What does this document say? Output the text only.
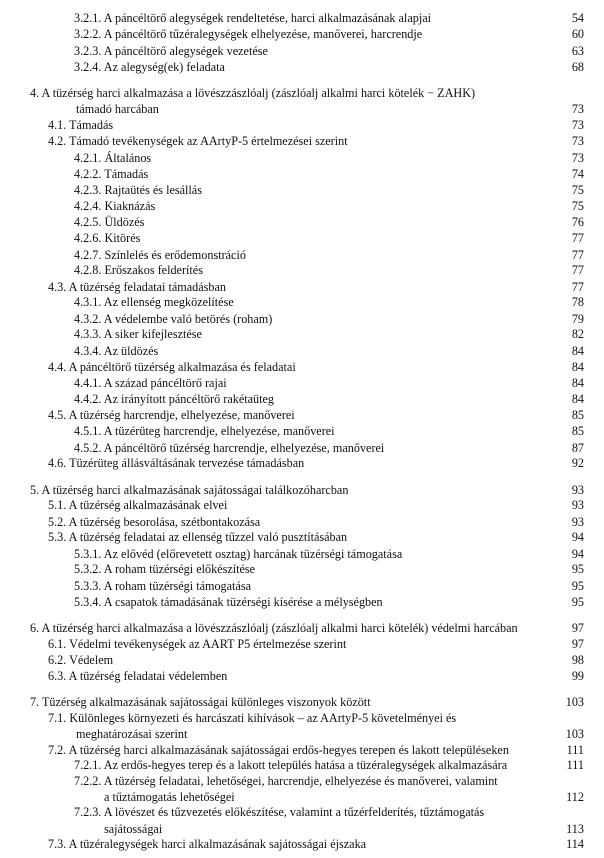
3.2.1. A páncéltörő alegységek rendeltetése, harci alkalmazásának alapjai	54
3.2.2. A páncéltörő tűzéralegységek elhelyezése, manőverei, harcrendje	60
3.2.3. A páncéltörő alegységek vezetése	63
3.2.4. Az alegység(ek) feladata	68
4. A tüzérség harci alkalmazása a lövészzászlóalj (zászlóalj alkalmi harci kötelék − ZAHK)
támadó harcában	73
4.1. Támadás	73
4.2. Támadó tevékenységek az AArtyP-5 értelmezései szerint	73
4.2.1. Általános	73
4.2.2. Támadás	74
4.2.3. Rajtaütés és lesállás	75
4.2.4. Kiaknázás	75
4.2.5. Üldözés	76
4.2.6. Kitörés	77
4.2.7. Színlelés és erődemonstráció	77
4.2.8. Erőszakos felderítés	77
4.3. A tüzérség feladatai támadásban	77
4.3.1. Az ellenség megközelítése	78
4.3.2. A védelembe való betörés (roham)	79
4.3.3. A siker kifejlesztése	82
4.3.4. Az üldözés	84
4.4. A páncéltörő tüzérség alkalmazása és feladatai	84
4.4.1. A század páncéltörő rajai	84
4.4.2. Az irányított páncéltörő rakétaüteg	84
4.5. A tüzérség harcrendje, elhelyezése, manőverei	85
4.5.1. A tüzérüteg harcrendje, elhelyezése, manőverei	85
4.5.2. A páncéltörő tüzérség harcrendje, elhelyezése, manőverei	87
4.6. Tüzérüteg állásváltásának tervezése támadásban	92
5. A tüzérség harci alkalmazásának sajátosságai találkozóharcban	93
5.1. A tüzérség alkalmazásának elvei	93
5.2. A tüzérség besorolása, szétbontakozása	93
5.3. A tüzérség feladatai az ellenség tűzzel való pusztításában	94
5.3.1. Az elővéd (előrevetett osztag) harcának tüzérségi támogatása	94
5.3.2. A roham tüzérségi előkészítése	95
5.3.3. A roham tüzérségi támogatása	95
5.3.4. A csapatok támadásának tüzérségi kísérése a mélységben	95
6. A tüzérség harci alkalmazása a lövészzászlóalj (zászlóalj alkalmi harci kötelék) védelmi harcában	97
6.1. Védelmi tevékenységek az AART P5 értelmezése szerint	97
6.2. Védelem	98
6.3. A tüzérség feladatai védelemben	99
7. Tüzérség alkalmazásának sajátosságai különleges viszonyok között	103
7.1. Különleges környezeti és harcászati kihívások – az AArtyP-5 követelményei és
meghatározásai szerint	103
7.2. A tüzérség harci alkalmazásának sajátosságai erdős-hegyes terepen és lakott településeken	111
7.2.1. Az erdős-hegyes terep és a lakott település hatása a tüzéralegységek alkalmazására	111
7.2.2. A tüzérség feladatai, lehetőségei, harcrendje, elhelyezése és manőverei, valamint
a tűztámogatás lehetőségei	112
7.2.3. A lövészet és tűzvezetés előkészítése, valamint a tűzérfelderítés, tűztámogatás
sajátosságai	113
7.3. A tüzéralegységek harci alkalmazásának sajátosságai éjszaka	114
